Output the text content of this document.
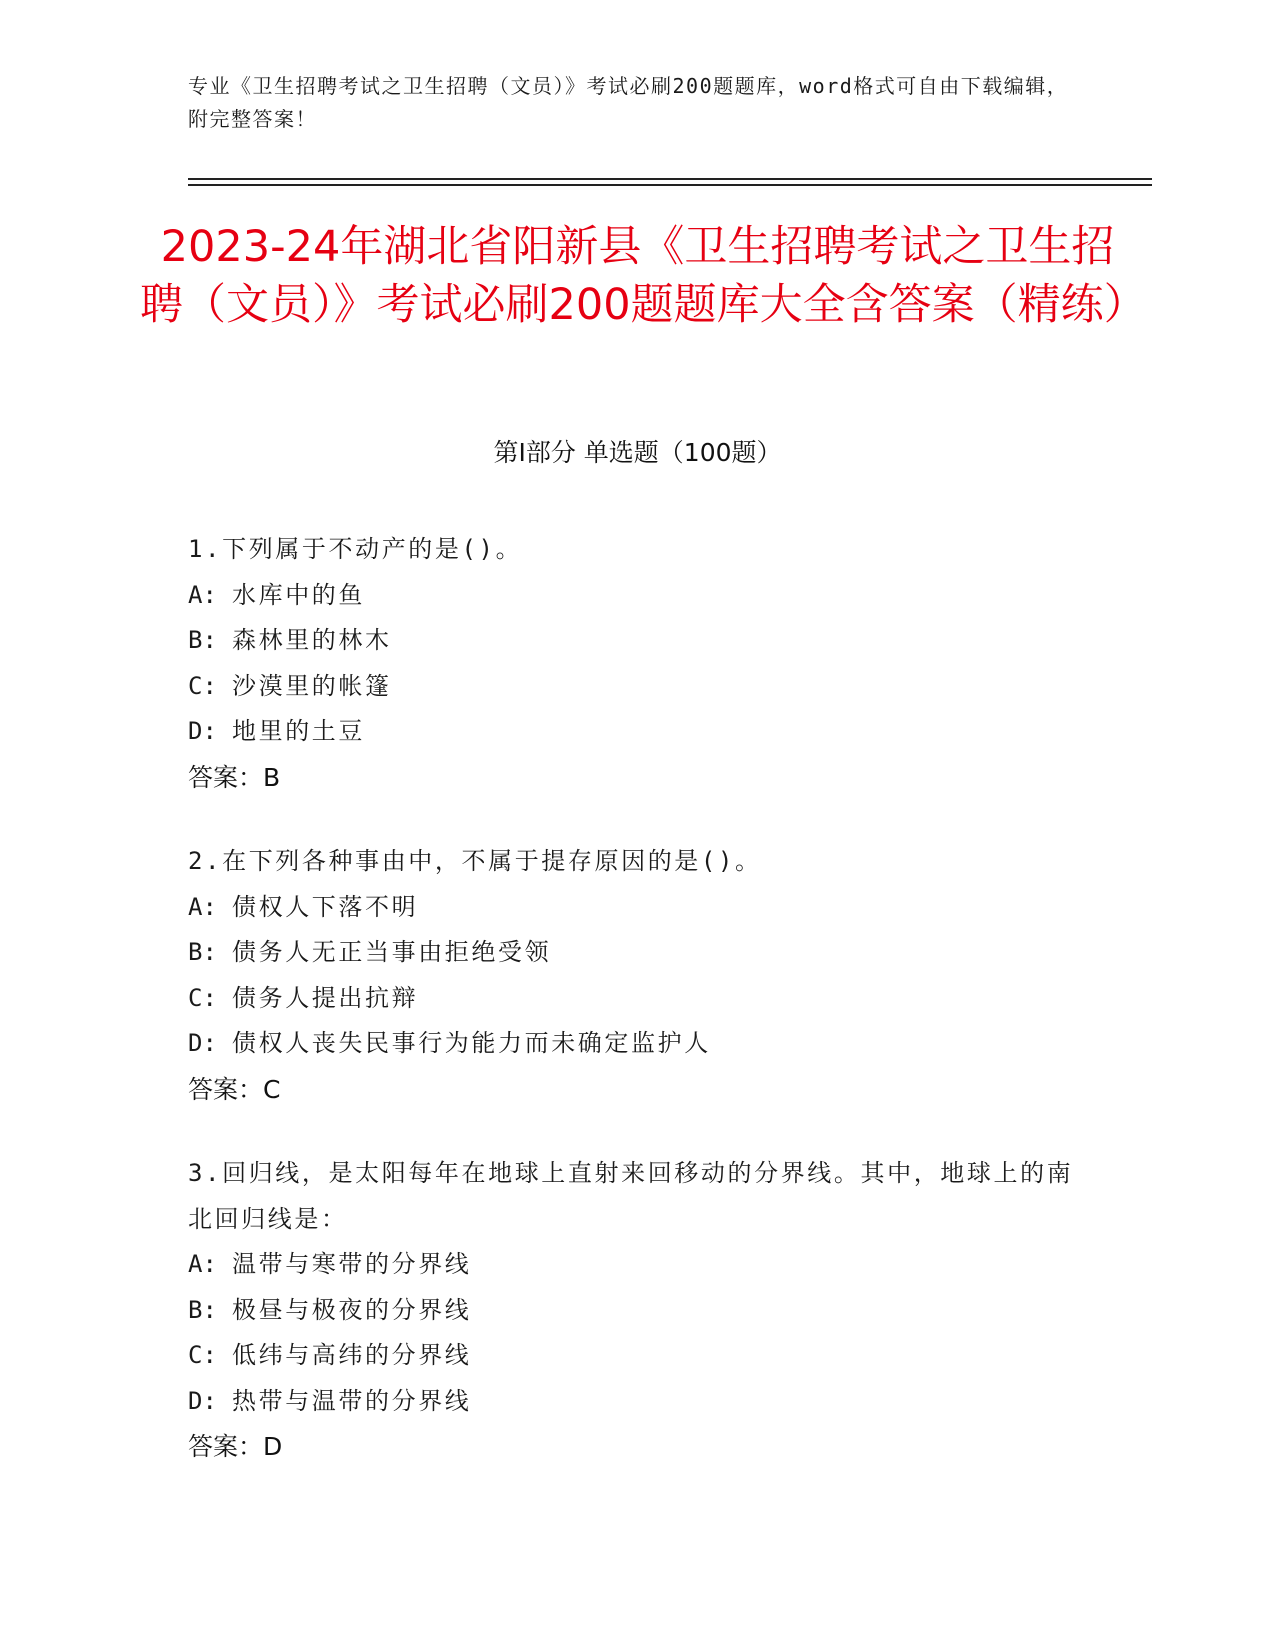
专业《卫生招聘考试之卫生招聘（文员）》考试必刷200题题库，word格式可自由下载编辑，附完整答案！
2023-24年湖北省阳新县《卫生招聘考试之卫生招聘（文员）》考试必刷200题题库大全含答案（精练）
第Ⅰ部分 单选题（100题）
1.下列属于不动产的是()。
A: 水库中的鱼
B: 森林里的林木
C: 沙漠里的帐篷
D: 地里的土豆
答案：B
2.在下列各种事由中，不属于提存原因的是()。
A: 债权人下落不明
B: 债务人无正当事由拒绝受领
C: 债务人提出抗辩
D: 债权人丧失民事行为能力而未确定监护人
答案：C
3.回归线，是太阳每年在地球上直射来回移动的分界线。其中，地球上的南北回归线是：
A: 温带与寒带的分界线
B: 极昼与极夜的分界线
C: 低纬与高纬的分界线
D: 热带与温带的分界线
答案：D
